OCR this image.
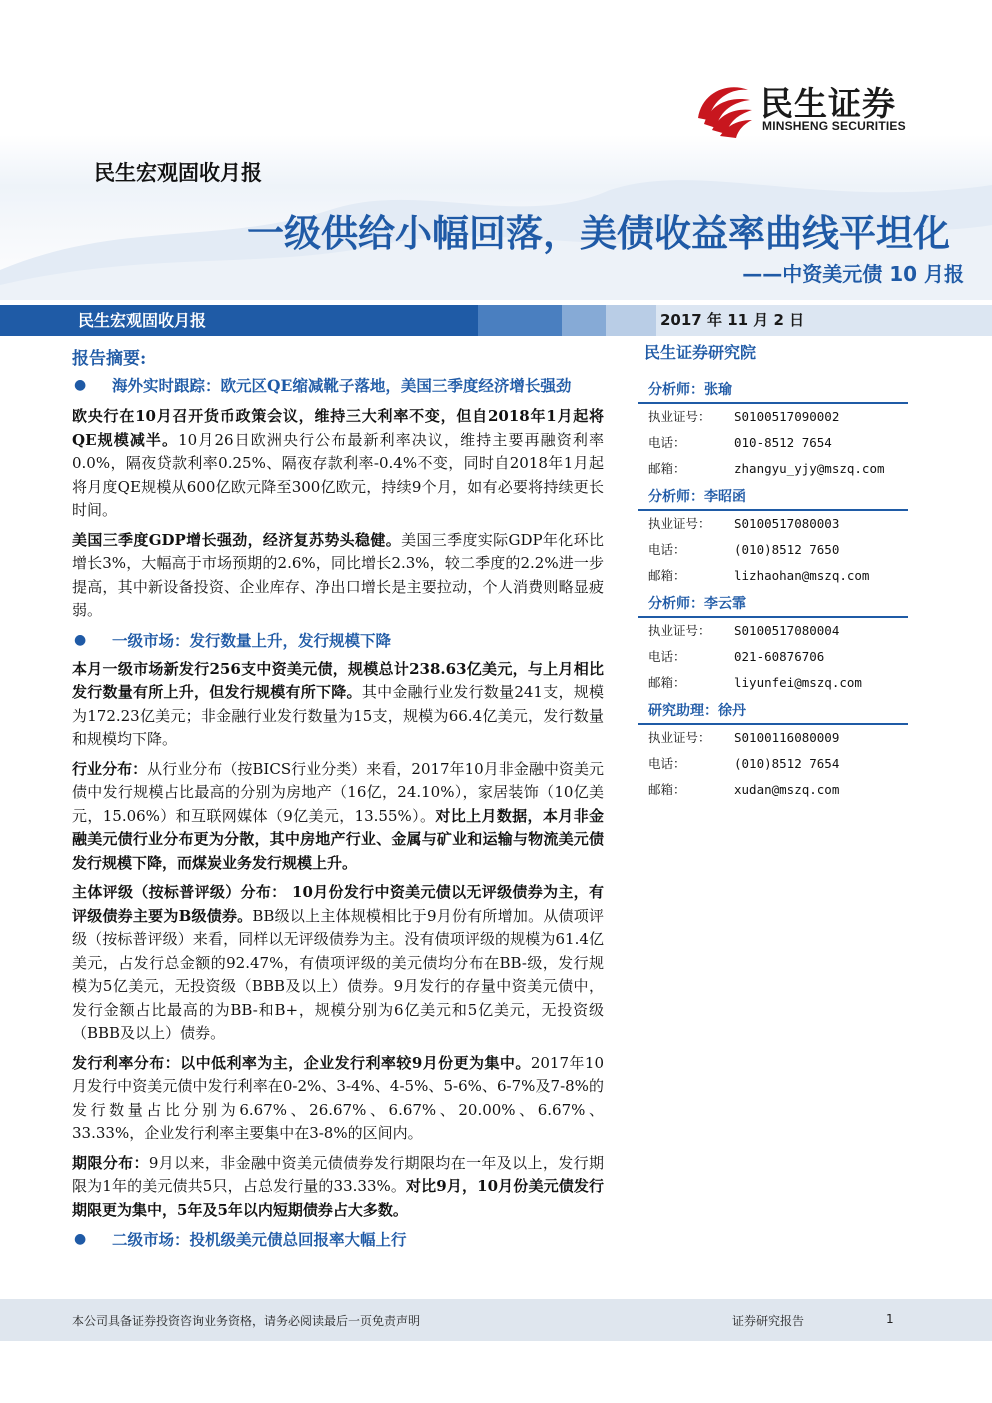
民生证券
MINSHENG SECURITIES
民生宏观固收月报
一级供给小幅回落，美债收益率曲线平坦化
——中资美元债 10 月报
民生宏观固收月报	2017 年 11 月 2 日
报告摘要:
● 海外实时跟踪：欧元区QE缩减靴子落地，美国三季度经济增长强劲
欧央行在10月召开货币政策会议，维持三大利率不变，但自2018年1月起将QE规模减半。10月26日欧洲央行公布最新利率决议，维持主要再融资利率0.0%，隔夜贷款利率0.25%、隔夜存款利率-0.4%不变，同时自2018年1月起将月度QE规模从600亿欧元降至300亿欧元，持续9个月，如有必要将持续更长时间。
美国三季度GDP增长强劲，经济复苏势头稳健。美国三季度实际GDP年化环比增长3%，大幅高于市场预期的2.6%，同比增长2.3%，较二季度的2.2%进一步提高，其中新设备投资、企业库存、净出口增长是主要拉动，个人消费则略显疲弱。
● 一级市场：发行数量上升，发行规模下降
本月一级市场新发行256支中资美元债，规模总计238.63亿美元，与上月相比发行数量有所上升，但发行规模有所下降。其中金融行业发行数量241支，规模为172.23亿美元；非金融行业发行数量为15支，规模为66.4亿美元，发行数量和规模均下降。
行业分布：从行业分布（按BICS行业分类）来看，2017年10月非金融中资美元债中发行规模占比最高的分别为房地产（16亿，24.10%），家居装饰（10亿美元，15.06%）和互联网媒体（9亿美元，13.55%）。对比上月数据，本月非金融美元债行业分布更为分散，其中房地产行业、金属与矿业和运输与物流美元债发行规模下降，而煤炭业务发行规模上升。
主体评级（按标普评级）分布： 10月份发行中资美元债以无评级债券为主，有评级债券主要为B级债券。BB级以上主体规模相比于9月份有所增加。从债项评级（按标普评级）来看，同样以无评级债券为主。没有债项评级的规模为61.4亿美元，占发行总金额的92.47%，有债项评级的美元债均分布在BB-级，发行规模为5亿美元，无投资级（BBB及以上）债券。9月发行的存量中资美元债中，发行金额占比最高的为BB-和B+，规模分别为6亿美元和5亿美元，无投资级（BBB及以上）债券。
发行利率分布：以中低利率为主，企业发行利率较9月份更为集中。2017年10月发行中资美元债中发行利率在0-2%、3-4%、4-5%、5-6%、6-7%及7-8%的发行数量占比分别为6.67%、26.67%、6.67%、20.00%、6.67%、33.33%，企业发行利率主要集中在3-8%的区间内。
期限分布：9月以来，非金融中资美元债债券发行期限均在一年及以上，发行期限为1年的美元债共5只，占总发行量的33.33%。对比9月，10月份美元债发行期限更为集中，5年及5年以内短期债券占大多数。
● 二级市场：投机级美元债总回报率大幅上行
民生证券研究院
分析师：张瑜
执业证号：	S0100517090002
电话：	010-8512 7654
邮箱：	zhangyu_yjy@mszq.com
分析师：李昭函
执业证号：	S0100517080003
电话：	(010)8512 7650
邮箱：	lizhaohan@mszq.com
分析师：李云霏
执业证号：	S0100517080004
电话：	021-60876706
邮箱：	liyunfei@mszq.com
研究助理：徐丹
执业证号：	S0100116080009
电话：	(010)8512 7654
邮箱：	xudan@mszq.com
本公司具备证券投资咨询业务资格，请务必阅读最后一页免责声明	证券研究报告	1
